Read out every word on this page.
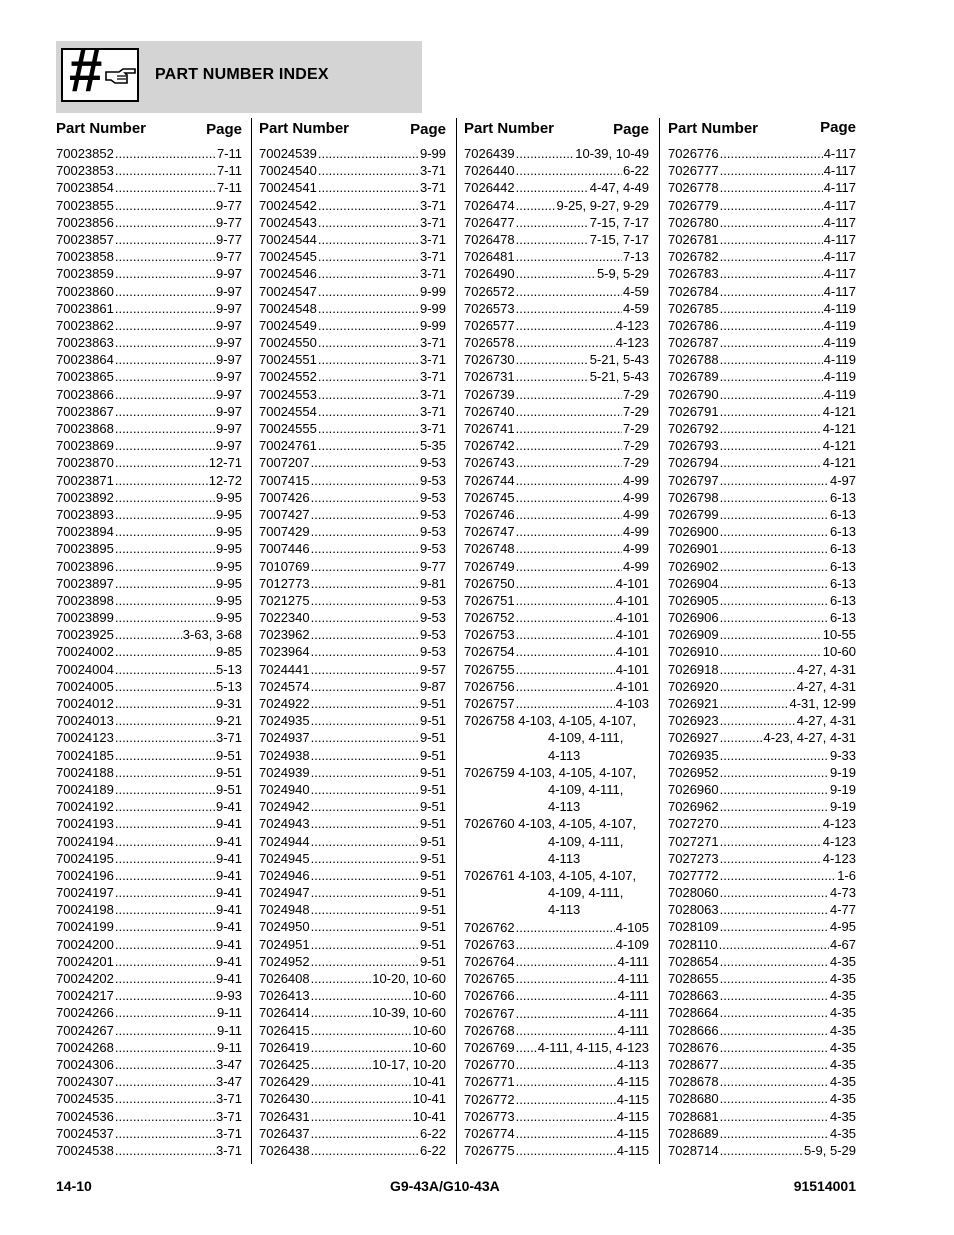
#	PART NUMBER INDEX
Part Number	Page
70023852 .....	7-11
70023853 .....	7-11
70023854 .....	7-11
70023855 .....	9-77
70023856 .....	9-77
70023857 .....	9-77
70023858 .....	9-77
70023859 .....	9-97
70023860 .....	9-97
70023861 .....	9-97
70023862 .....	9-97
70023863 .....	9-97
70023864 .....	9-97
70023865 .....	9-97
70023866 .....	9-97
70023867 .....	9-97
70023868 .....	9-97
70023869 .....	9-97
70023870 .....	12-71
70023871 .....	12-72
70023892 .....	9-95
70023893 .....	9-95
70023894 .....	9-95
70023895 .....	9-95
70023896 .....	9-95
70023897 .....	9-95
70023898 .....	9-95
70023899 .....	9-95
70023925 .....	3-63, 3-68
70024002 .....	9-85
70024004 .....	5-13
70024005 .....	5-13
70024012 .....	9-31
70024013 .....	9-21
70024123 .....	3-71
70024185 .....	9-51
70024188 .....	9-51
70024189 .....	9-51
70024192 .....	9-41
70024193 .....	9-41
70024194 .....	9-41
70024195 .....	9-41
70024196 .....	9-41
70024197 .....	9-41
70024198 .....	9-41
70024199 .....	9-41
70024200 .....	9-41
70024201 .....	9-41
70024202 .....	9-41
70024217 .....	9-93
70024266 .....	9-11
70024267 .....	9-11
70024268 .....	9-11
70024306 .....	3-47
70024307 .....	3-47
70024535 .....	3-71
70024536 .....	3-71
70024537 .....	3-71
70024538 .....	3-71
Part Number	Page
70024539 .....	9-99
70024540 .....	3-71
70024541 .....	3-71
70024542 .....	3-71
70024543 .....	3-71
70024544 .....	3-71
70024545 .....	3-71
70024546 .....	3-71
70024547 .....	9-99
70024548 .....	9-99
70024549 .....	9-99
70024550 .....	3-71
70024551 .....	3-71
70024552 .....	3-71
70024553 .....	3-71
70024554 .....	3-71
70024555 .....	3-71
70024761 .....	5-35
7007207 .....	9-53
7007415 .....	9-53
7007426 .....	9-53
7007427 .....	9-53
7007429 .....	9-53
7007446 .....	9-53
7010769 .....	9-77
7012773 .....	9-81
7021275 .....	9-53
7022340 .....	9-53
7023962 .....	9-53
7023964 .....	9-53
7024441 .....	9-57
7024574 .....	9-87
7024922 .....	9-51
7024935 .....	9-51
7024937 .....	9-51
7024938 .....	9-51
7024939 .....	9-51
7024940 .....	9-51
7024942 .....	9-51
7024943 .....	9-51
7024944 .....	9-51
7024945 .....	9-51
7024946 .....	9-51
7024947 .....	9-51
7024948 .....	9-51
7024950 .....	9-51
7024951 .....	9-51
7024952 .....	9-51
7026408 .....	10-20, 10-60
7026413 .....	10-60
7026414 .....	10-39, 10-60
7026415 .....	10-60
7026419 .....	10-60
7026425 .....	10-17, 10-20
7026429 .....	10-41
7026430 .....	10-41
7026431 .....	10-41
7026437 .....	6-22
7026438 .....	6-22
Part Number	Page
7026439 .....	10-39, 10-49
7026440 .....	6-22
7026442 .....	4-47, 4-49
7026474 .....	9-25, 9-27, 9-29
7026477 .....	7-15, 7-17
7026478 .....	7-15, 7-17
7026481 .....	7-13
7026490 .....	5-9, 5-29
7026572 .....	4-59
7026573 .....	4-59
7026577 .....	4-123
7026578 .....	4-123
7026730 .....	5-21, 5-43
7026731 .....	5-21, 5-43
7026739 .....	7-29
7026740 .....	7-29
7026741 .....	7-29
7026742 .....	7-29
7026743 .....	7-29
7026744 .....	4-99
7026745 .....	4-99
7026746 .....	4-99
7026747 .....	4-99
7026748 .....	4-99
7026749 .....	4-99
7026750 .....	4-101
7026751 .....	4-101
7026752 .....	4-101
7026753 .....	4-101
7026754 .....	4-101
7026755 .....	4-101
7026756 .....	4-101
7026757 .....	4-103
7026758 4-103, 4-105, 4-107,
4-109, 4-111,
4-113
7026759 4-103, 4-105, 4-107,
4-109, 4-111,
4-113
7026760 4-103, 4-105, 4-107,
4-109, 4-111,
4-113
7026761 4-103, 4-105, 4-107,
4-109, 4-111,
4-113
7026762 .....	4-105
7026763 .....	4-109
7026764 .....	4-111
7026765 .....	4-111
7026766 .....	4-111
7026767 .....	4-111
7026768 .....	4-111
7026769 ..... 4-111, 4-115, 4-123
7026770 .....	4-113
7026771 .....	4-115
7026772 .....	4-115
7026773 .....	4-115
7026774 .....	4-115
7026775 .....	4-115
Part Number	Page
7026776 .....	4-117
7026777 .....	4-117
7026778 .....	4-117
7026779 .....	4-117
7026780 .....	4-117
7026781 .....	4-117
7026782 .....	4-117
7026783 .....	4-117
7026784 .....	4-117
7026785 .....	4-119
7026786 .....	4-119
7026787 .....	4-119
7026788 .....	4-119
7026789 .....	4-119
7026790 .....	4-119
7026791 .....	4-121
7026792 .....	4-121
7026793 .....	4-121
7026794 .....	4-121
7026797 .....	4-97
7026798 .....	6-13
7026799 .....	6-13
7026900 .....	6-13
7026901 .....	6-13
7026902 .....	6-13
7026904 .....	6-13
7026905 .....	6-13
7026906 .....	6-13
7026909 .....	10-55
7026910 .....	10-60
7026918 .....	4-27, 4-31
7026920 .....	4-27, 4-31
7026921 .....	4-31, 12-99
7026923 .....	4-27, 4-31
7026927 .....	4-23, 4-27, 4-31
7026935 .....	9-33
7026952 .....	9-19
7026960 .....	9-19
7026962 .....	9-19
7027270 .....	4-123
7027271 .....	4-123
7027273 .....	4-123
7027772 .....	1-6
7028060 .....	4-73
7028063 .....	4-77
7028109 .....	4-95
7028110 .....	4-67
7028654 .....	4-35
7028655 .....	4-35
7028663 .....	4-35
7028664 .....	4-35
7028666 .....	4-35
7028676 .....	4-35
7028677 .....	4-35
7028678 .....	4-35
7028680 .....	4-35
7028681 .....	4-35
7028689 .....	4-35
7028714 .....	5-9, 5-29
14-10	G9-43A/G10-43A	91514001
